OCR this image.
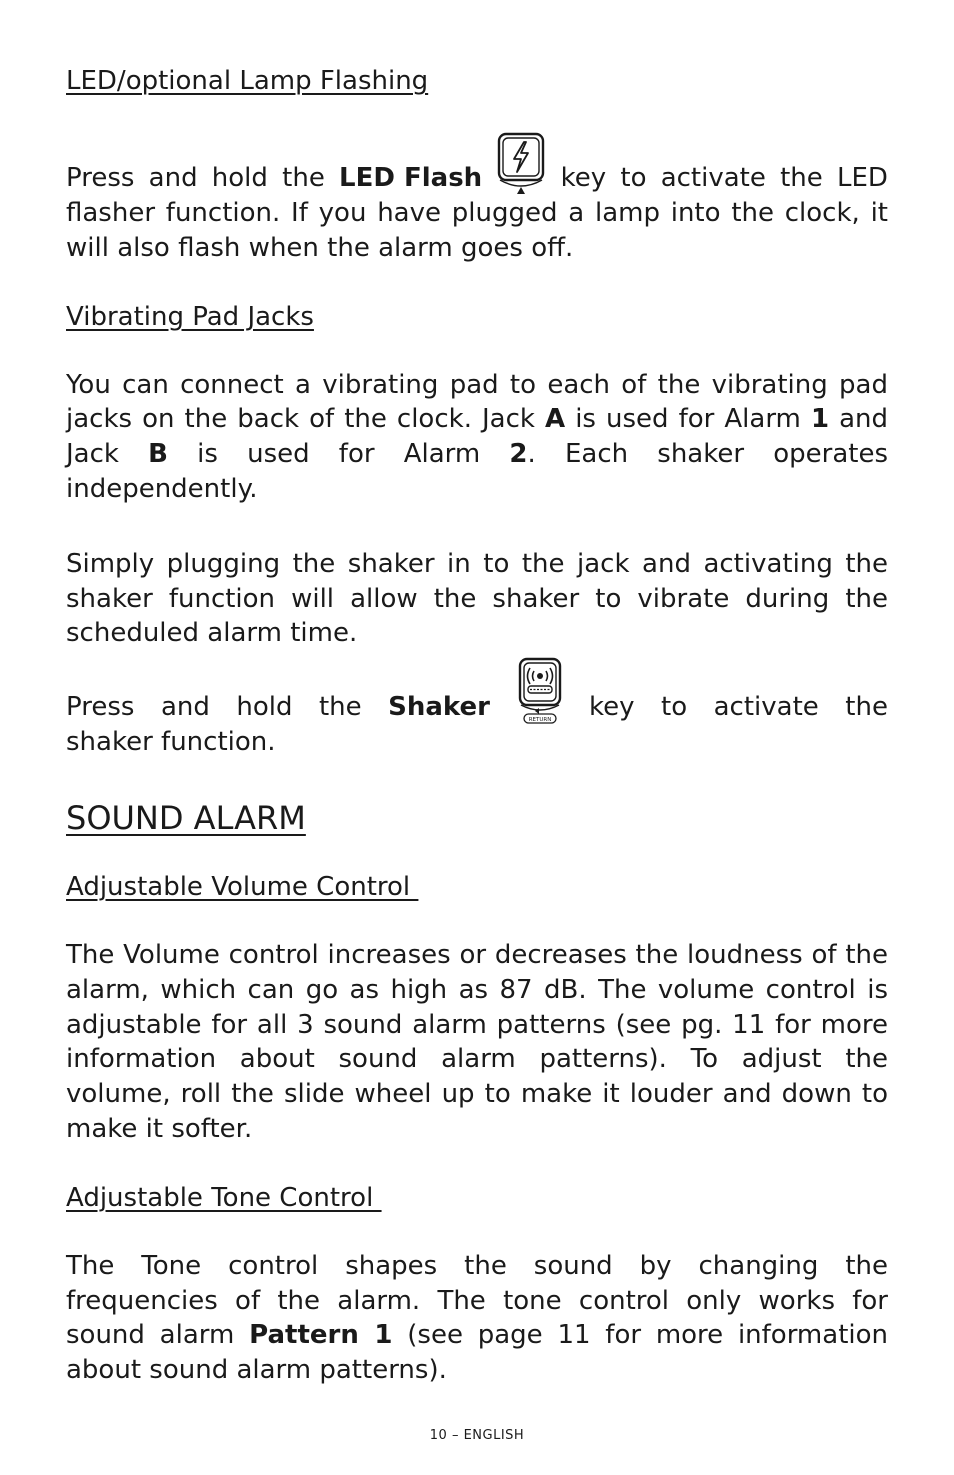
LED/optional Lamp Flashing

Press and hold the LED Flash	key to activate the LED

flasher function. If you have plugged a lamp into the clock, it will also flash when the alarm goes off.

Vibrating Pad Jacks

You can connect a vibrating pad to each of the vibrating pad jacks on the back of the clock. Jack A is used for Alarm 1 and Jack B is used for Alarm 2. Each shaker operates independently.

Simply plugging the shaker in to the jack and activating the shaker function will allow the shaker to vibrate during the scheduled alarm time.

Press and hold the Shaker	RETURN key to activate the

shaker function.

SOUND ALARM

Adjustable Volume Control

The Volume control increases or decreases the loudness of the alarm, which can go as high as 87 dB. The volume control is adjustable for all 3 sound alarm patterns (see pg. 11 for more information about sound alarm patterns). To adjust the volume, roll the slide wheel up to make it louder and down to make it softer.

Adjustable Tone Control

The Tone control shapes the sound by changing the frequencies of the alarm. The tone control only works for sound alarm Pattern 1 (see page 11 for more information about sound alarm patterns).

10 – ENGLISH
